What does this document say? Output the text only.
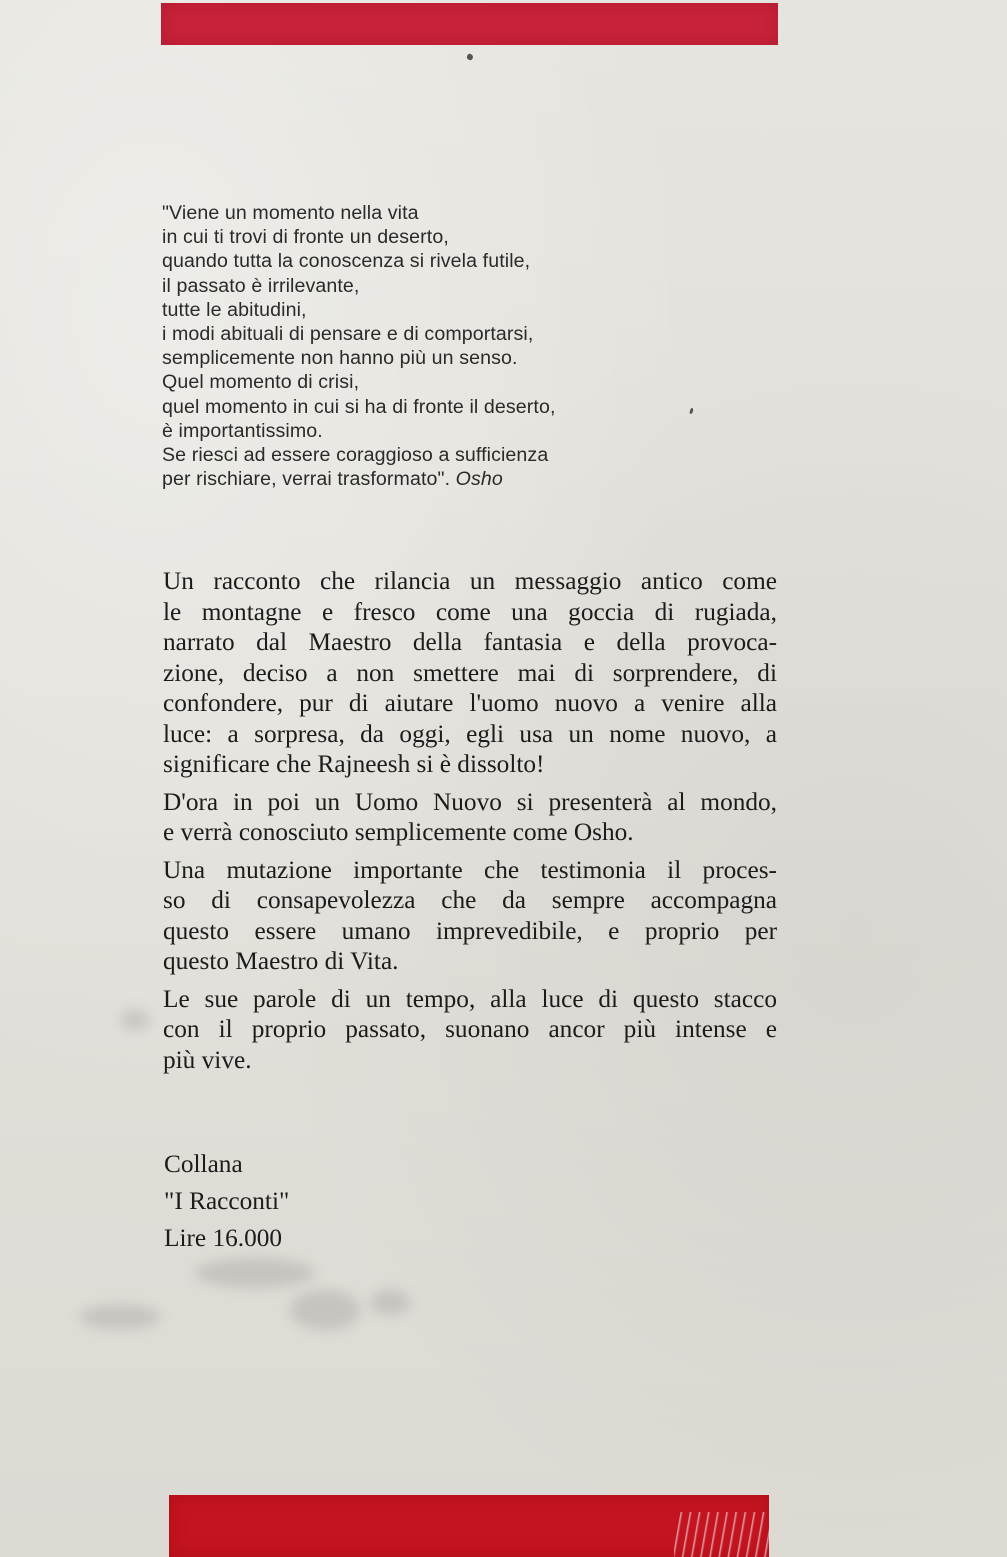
"Viene un momento nella vita
in cui ti trovi di fronte un deserto,
quando tutta la conoscenza si rivela futile,
il passato è irrilevante,
tutte le abitudini,
i modi abituali di pensare e di comportarsi,
semplicemente non hanno più un senso.
Quel momento di crisi,
quel momento in cui si ha di fronte il deserto,
è importantissimo.
Se riesci ad essere coraggioso a sufficienza
per rischiare, verrai trasformato". Osho

Un racconto che rilancia un messaggio antico come
le montagne e fresco come una goccia di rugiada,
narrato dal Maestro della fantasia e della provoca-
zione, deciso a non smettere mai di sorprendere, di
confondere, pur di aiutare l'uomo nuovo a venire alla
luce: a sorpresa, da oggi, egli usa un nome nuovo, a
significare che Rajneesh si è dissolto!

D'ora in poi un Uomo Nuovo si presenterà al mondo,
e verrà conosciuto semplicemente come Osho.

Una mutazione importante che testimonia il proces-
so di consapevolezza che da sempre accompagna
questo essere umano imprevedibile, e proprio per
questo Maestro di Vita.

Le sue parole di un tempo, alla luce di questo stacco
con il proprio passato, suonano ancor più intense e
più vive.

Collana
"I Racconti"
Lire 16.000
